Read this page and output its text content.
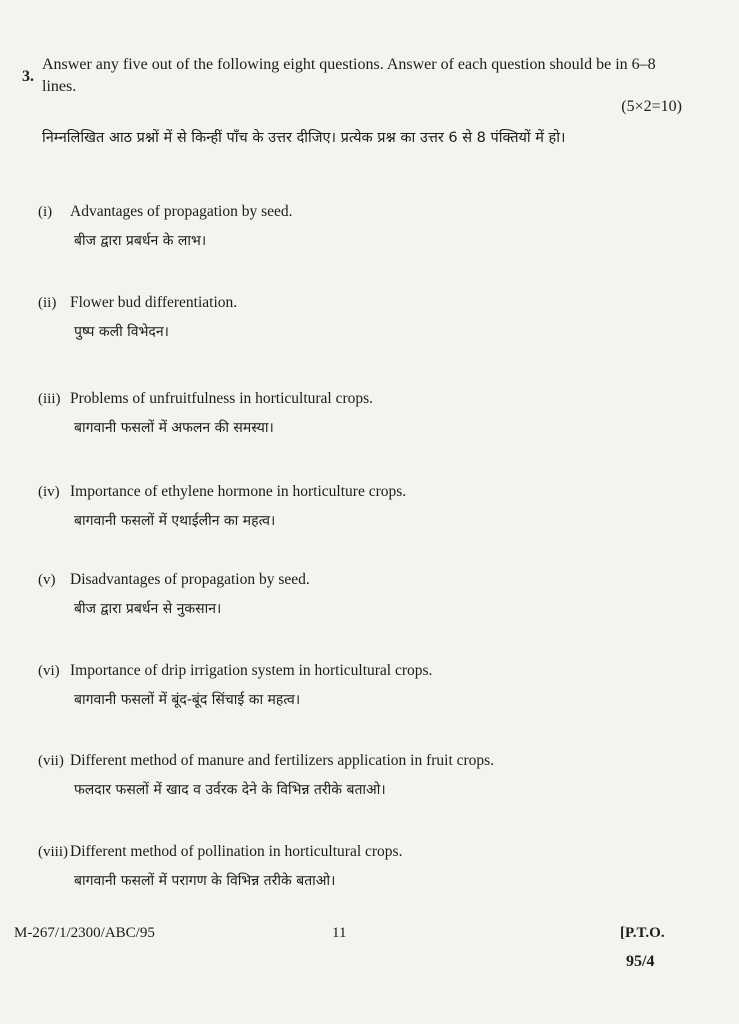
3.
Answer any five out of the following eight questions. Answer of each question should be in 6–8 lines.
(5×2=10)
निम्नलिखित आठ प्रश्नों में से किन्हीं पाँच के उत्तर दीजिए। प्रत्येक प्रश्न का उत्तर 6 से 8 पंक्तियों में हो।
(i) Advantages of propagation by seed.
बीज द्वारा प्रबर्धन के लाभ।
(ii) Flower bud differentiation.
पुष्प कली विभेदन।
(iii) Problems of unfruitfulness in horticultural crops.
बागवानी फसलों में अफलन की समस्या।
(iv) Importance of ethylene hormone in horticulture crops.
बागवानी फसलों में एथाईलीन का महत्व।
(v) Disadvantages of propagation by seed.
बीज द्वारा प्रबर्धन से नुकसान।
(vi) Importance of drip irrigation system in horticultural crops.
बागवानी फसलों में बूंद-बूंद सिंचाई का महत्व।
(vii) Different method of manure and fertilizers application in fruit crops.
फलदार फसलों में खाद व उर्वरक देने के विभिन्न तरीके बताओ।
(viii) Different method of pollination in horticultural crops.
बागवानी फसलों में परागण के विभिन्न तरीके बताओ।
M-267/1/2300/ABC/95	11	[P.T.O.
95/4
